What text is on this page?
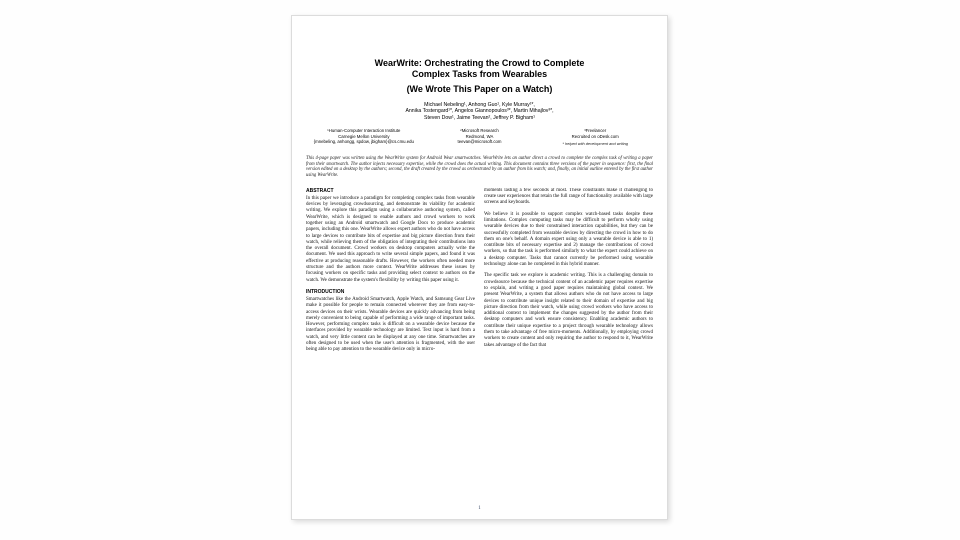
WearWrite: Orchestrating the Crowd to Complete
Complex Tasks from Wearables
(We Wrote This Paper on a Watch)
Michael Nebeling¹, Anhong Guo¹, Kyle Murray¹*,
Annika Tostengard¹*, Angelos Giannopoulos³*, Martin Mihajlov³*,
Steven Dow¹, Jaime Teevan², Jeffrey P. Bigham¹
¹Human-Computer Interaction Institute
Carnegie Mellon University
{mnebeling, anhongg, spdow, jbigham}@cs.cmu.edu
²Microsoft Research
Redmond, WA
teevan@microsoft.com
³Freelancer
Recruited on oDesk.com
* helped with development and writing
This 4-page paper was written using the WearWrite system for Android Wear smartwatches. WearWrite lets an author direct a crowd to complete the complex task of writing a paper from their smartwatch. The author injects necessary expertise, while the crowd does the actual writing. This document contains three versions of the paper in sequence: first, the final version edited on a desktop by the authors; second, the draft created by the crowd as orchestrated by an author from his watch; and, finally, an initial outline entered by the first author using WearWrite.
ABSTRACT
In this paper we introduce a paradigm for completing complex tasks from wearable devices by leveraging crowdsourcing, and demonstrate its viability for academic writing. We explore this paradigm using a collaborative authoring system, called WearWrite, which is designed to enable authors and crowd workers to work together using an Android smartwatch and Google Docs to produce academic papers, including this one. WearWrite allows expert authors who do not have access to large devices to contribute bits of expertise and big picture direction from their watch, while relieving them of the obligation of integrating their contributions into the overall document. Crowd workers on desktop computers actually write the document. We used this approach to write several simple papers, and found it was effective at producing reasonable drafts. However, the workers often needed more structure and the authors more context. WearWrite addresses these issues by focusing workers on specific tasks and providing select context to authors on the watch. We demonstrate the system's flexibility by writing this paper using it.
INTRODUCTION
Smartwatches like the Android Smartwatch, Apple Watch, and Samsung Gear Live make it possible for people to remain connected wherever they are from easy-to-access devices on their wrists. Wearable devices are quickly advancing from being merely convenient to being capable of performing a wide range of important tasks. However, performing complex tasks is difficult on a wearable device because the interfaces provided by wearable technology are limited. Text input is hard from a watch, and very little content can be displayed at any one time. Smartwatches are often designed to be used when the user's attention is fragmented, with the user being able to pay attention to the wearable device only in micro-
moments lasting a few seconds at most. These constraints make it challenging to create user experiences that retain the full range of functionality available with large screens and keyboards.
We believe it is possible to support complex watch-based tasks despite these limitations. Complex computing tasks may be difficult to perform wholly using wearable devices due to their constrained interaction capabilities, but they can be successfully completed from wearable devices by directing the crowd in how to do them on one's behalf. A domain expert using only a wearable device is able to 1) contribute bits of necessary expertise and 2) manage the contributions of crowd workers, so that the task is performed similarly to what the expert could achieve on a desktop computer. Tasks that cannot currently be performed using wearable technology alone can be completed in this hybrid manner.
The specific task we explore is academic writing. This is a challenging domain to crowdsource because the technical content of an academic paper requires expertise to explain, and writing a good paper requires maintaining global context. We present WearWrite, a system that allows authors who do not have access to large devices to contribute unique insight related to their domain of expertise and big picture direction from their watch, while using crowd workers who have access to additional context to implement the changes suggested by the author from their desktop computers and work ensure consistency. Enabling academic authors to contribute their unique expertise to a project through wearable technology allows them to take advantage of free micro-moments. Additionally, by employing crowd workers to create content and only requiring the author to respond to it, WearWrite takes advantage of the fact that
1
